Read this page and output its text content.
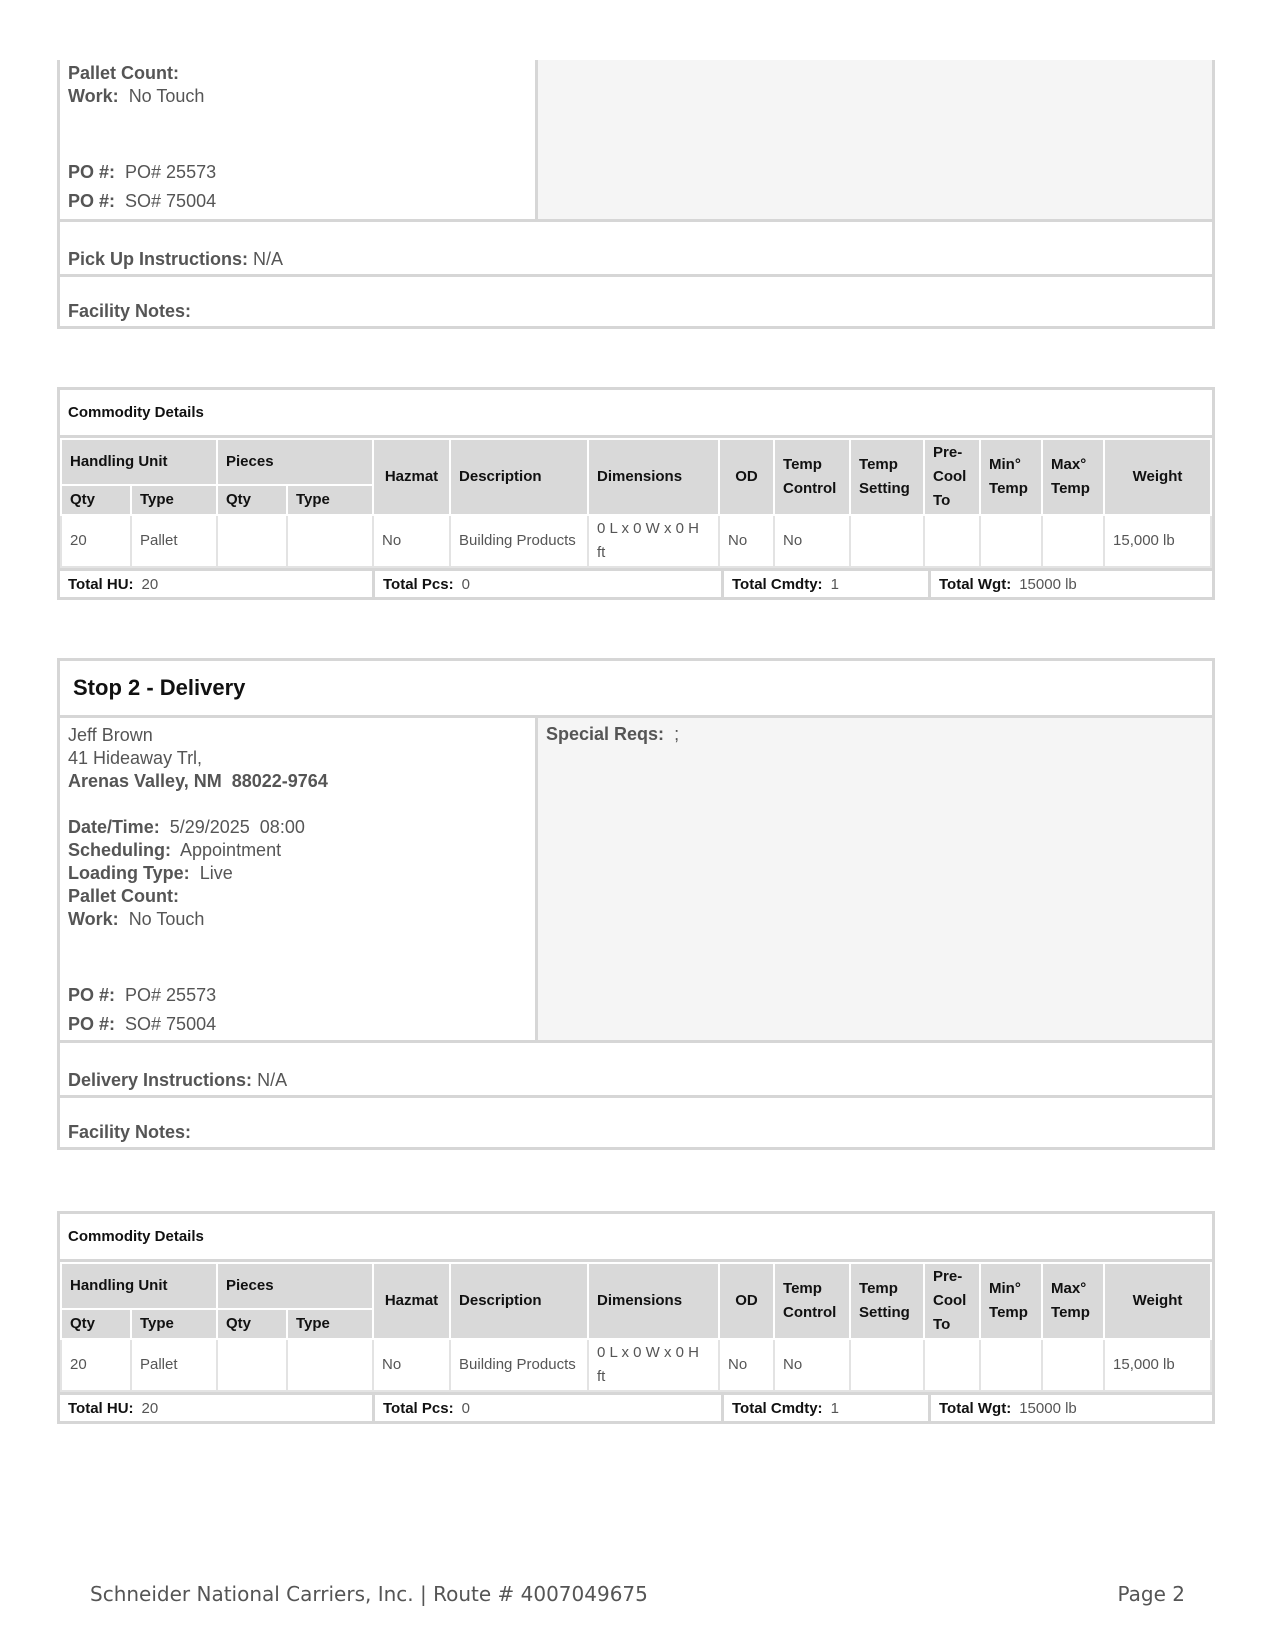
Pallet Count:
Work: No Touch
PO #: PO# 25573
PO #: SO# 75004
Pick Up Instructions:
N/A
Facility Notes:
Commodity Details
Handling Unit		Pieces		Hazmat	Description	Dimensions	OD	Temp Control	Temp Setting	Pre-Cool To	Min° Temp	Max° Temp	Weight
Qty	Type	Qty	Type										
20	Pallet			No	Building Products	0 L x 0 W x 0 H ft	No	No					15,000 lb
Total HU: 20	Total Pcs: 0	Total Cmdty: 1	Total Wgt: 15000 lb
Stop 2 - Delivery
Jeff Brown
41 Hideaway Trl,
Arenas Valley, NM  88022-9764
Date/Time: 5/29/2025  08:00
Scheduling: Appointment
Loading Type: Live
Pallet Count:
Work: No Touch
PO #: PO# 25573
PO #: SO# 75004
Special Reqs: ;
Delivery Instructions:
N/A
Facility Notes:
Commodity Details
Handling Unit		Pieces		Hazmat	Description	Dimensions	OD	Temp Control	Temp Setting	Pre-Cool To	Min° Temp	Max° Temp	Weight
Qty	Type	Qty	Type										
20	Pallet			No	Building Products	0 L x 0 W x 0 H ft	No	No					15,000 lb
Total HU: 20	Total Pcs: 0	Total Cmdty: 1	Total Wgt: 15000 lb
Schneider National Carriers, Inc. | Route # 4007049675	Page 2
